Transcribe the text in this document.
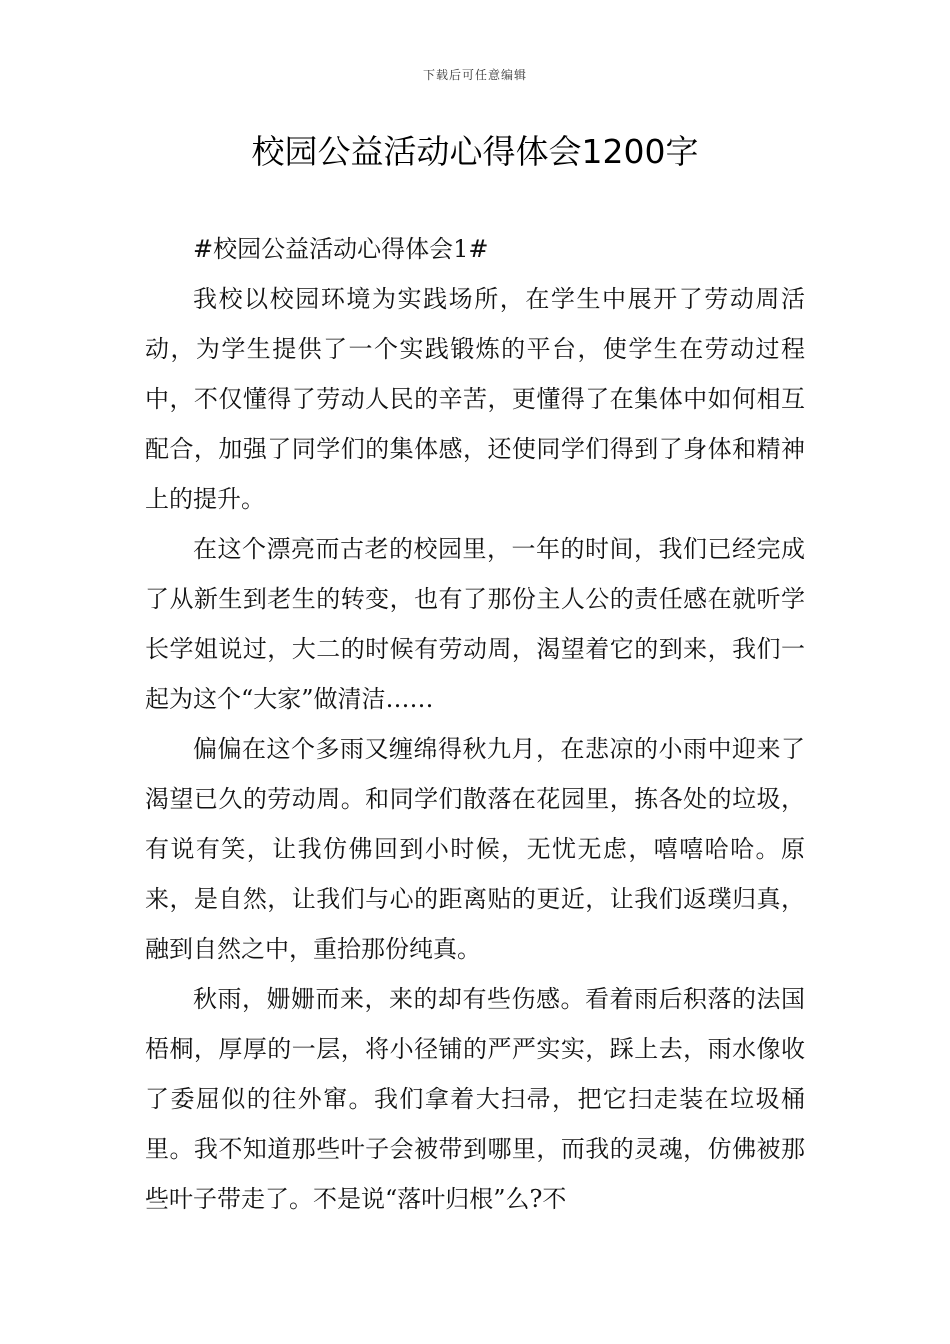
下载后可任意编辑
校园公益活动心得体会1200字
#校园公益活动心得体会1#

我校以校园环境为实践场所，在学生中展开了劳动周活动，为学生提供了一个实践锻炼的平台，使学生在劳动过程中，不仅懂得了劳动人民的辛苦，更懂得了在集体中如何相互配合，加强了同学们的集体感，还使同学们得到了身体和精神上的提升。

在这个漂亮而古老的校园里，一年的时间，我们已经完成了从新生到老生的转变，也有了那份主人公的责任感在就听学长学姐说过，大二的时候有劳动周，渴望着它的到来，我们一起为这个“大家”做清洁……

偏偏在这个多雨又缠绵得秋九月，在悲凉的小雨中迎来了渴望已久的劳动周。和同学们散落在花园里，拣各处的垃圾，有说有笑，让我仿佛回到小时候，无忧无虑，嘻嘻哈哈。原来，是自然，让我们与心的距离贴的更近，让我们返璞归真，融到自然之中，重拾那份纯真。

秋雨，姗姗而来，来的却有些伤感。看着雨后积落的法国梧桐，厚厚的一层，将小径铺的严严实实，踩上去，雨水像收了委屈似的往外窜。我们拿着大扫帚，把它扫走装在垃圾桶里。我不知道那些叶子会被带到哪里，而我的灵魂，仿佛被那些叶子带走了。不是说“落叶归根”么?不
